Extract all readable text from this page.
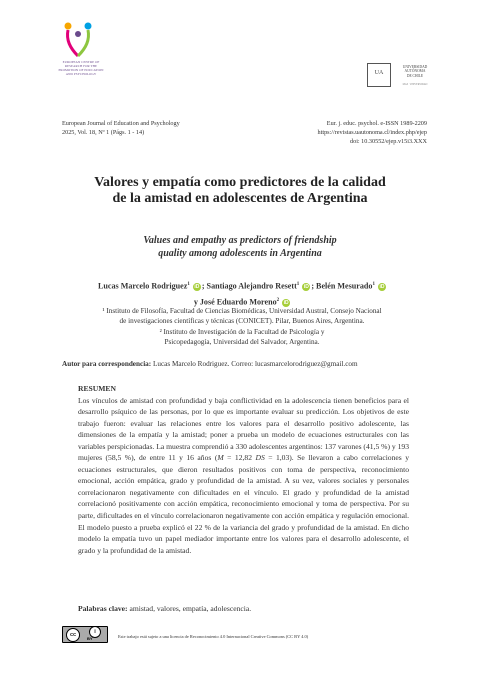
EUROPEAN CENTRE OF RESEARCH FOR THE PROMOTION OF EDUCATION AND PSYCHOLOGY	UA
UNIVERSIDAD
AUTÓNOMA
DE CHILE
MAS ·UNIVERSIDAD
European Journal of Education and Psychology
2025, Vol. 18, Nº 1 (Págs. 1 - 14)
Eur. j. educ. psychol. e-ISSN 1989-2209
https://revistas.uautonoma.cl/index.php/ejep
doi: 10.30552/ejep.v15i3.XXX
Valores y empatía como predictores de la calidad
de la amistad en adolescentes de Argentina
Values and empathy as predictors of friendship
quality among adolescents in Argentina
Lucas Marcelo Rodriguez$^1$ iD ; Santiago Alejandro Resett$^1$ iD ; Belén Mesurado$^1$ iD
y José Eduardo Moreno$^2$ iD
¹ Instituto de Filosofía, Facultad de Ciencias Biomédicas, Universidad Austral, Consejo Nacional
de investigaciones científicas y técnicas (CONICET). Pilar, Buenos Aires, Argentina.
² Instituto de Investigación de la Facultad de Psicología y
Psicopedagogía, Universidad del Salvador, Argentina.
Autor para correspondencia: Lucas Marcelo Rodriguez. Correo: lucasmarcelorodriguez@gmail.com
RESUMEN
Los vínculos de amistad con profundidad y baja conflictividad en la adolescencia tienen beneficios para el desarrollo psíquico de las personas, por lo que es importante evaluar su predicción. Los objetivos de este trabajo fueron: evaluar las relaciones entre los valores para el desarrollo positivo adolescente, las dimensiones de la empatía y la amistad; poner a prueba un modelo de ecuaciones estructurales con las variables perspicionadas. La muestra comprendió a 330 adolescentes argentinos: 137 varones (41,5 %) y 193 mujeres (58,5 %), de entre 11 y 16 años (M = 12,82 DS = 1,03). Se llevaron a cabo correlaciones y ecuaciones estructurales, que dieron resultados positivos con toma de perspectiva, reconocimiento emocional, acción empática, grado y profundidad de la amistad. A su vez, valores sociales y personales correlacionaron negativamente con dificultades en el vínculo. El grado y profundidad de la amistad correlacionó positivamente con acción empática, reconocimiento emocional y toma de perspectiva. Por su parte, dificultades en el vínculo correlacionaron negativamente con acción empática y regulación emocional. El modelo puesto a prueba explicó el 22 % de la variancia del grado y profundidad de la amistad. En dicho modelo la empatía tuvo un papel mediador importante entre los valores para el desarrollo adolescente, el grado y la profundidad de la amistad.
Palabras clave: amistad, valores, empatía, adolescencia.
cc	i
BY	Este trabajo está sujeto a una licencia de Reconocimiento 4.0 Internacional Creative Commons (CC BY 4.0)
